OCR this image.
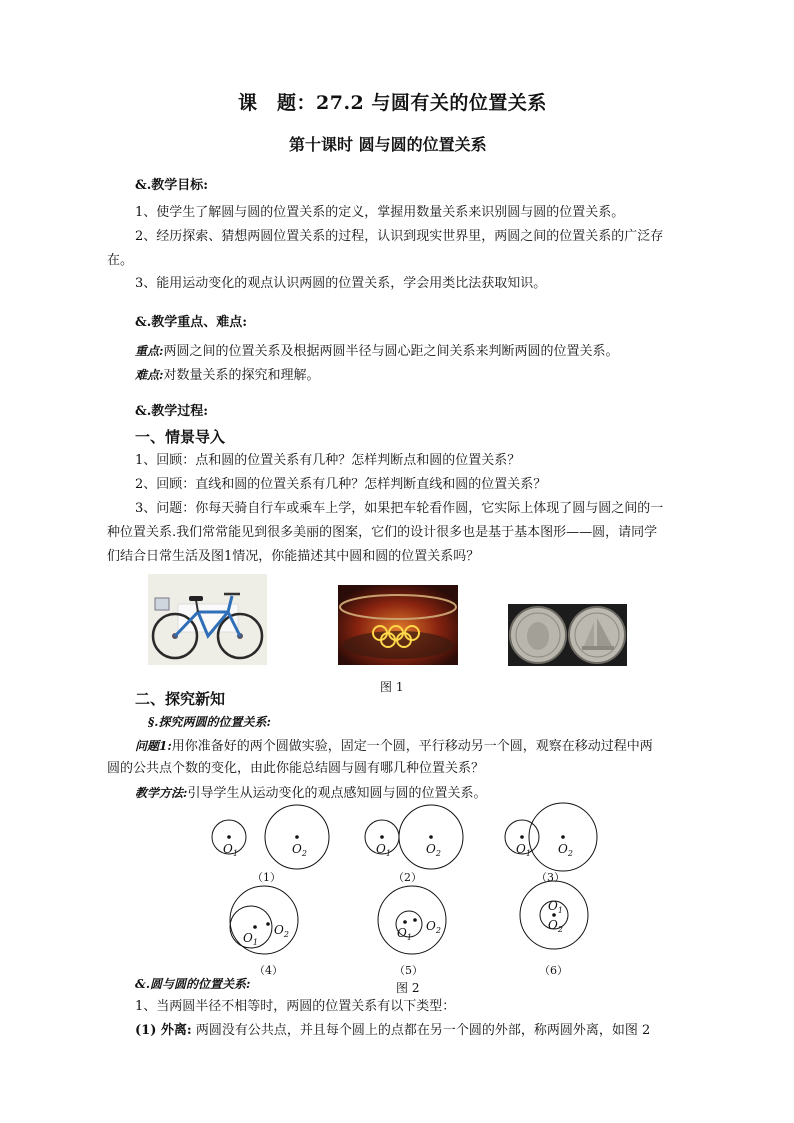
课　题：27.2 与圆有关的位置关系
第十课时 圆与圆的位置关系
&.教学目标:
1、使学生了解圆与圆的位置关系的定义，掌握用数量关系来识别圆与圆的位置关系。
2、经历探索、猜想两圆位置关系的过程，认识到现实世界里，两圆之间的位置关系的广泛存
在。
3、能用运动变化的观点认识两圆的位置关系，学会用类比法获取知识。
&.教学重点、难点:
重点:两圆之间的位置关系及根据两圆半径与圆心距之间关系来判断两圆的位置关系。
难点:对数量关系的探究和理解。
&.教学过程:
一、情景导入
1、回顾：点和圆的位置关系有几种？怎样判断点和圆的位置关系？
2、回顾：直线和圆的位置关系有几种？怎样判断直线和圆的位置关系？
3、问题：你每天骑自行车或乘车上学，如果把车轮看作圆，它实际上体现了圆与圆之间的一
种位置关系.我们常常能见到很多美丽的图案，它们的设计很多也是基于基本图形——圆，请同学
们结合日常生活及图1情况，你能描述其中圆和圆的位置关系吗？
图 1
二、探究新知
§.探究两圆的位置关系:
问题1:用你准备好的两个圆做实验，固定一个圆，平行移动另一个圆，观察在移动过程中两
圆的公共点个数的变化，由此你能总结圆与圆有哪几种位置关系？
教学方法:引导学生从运动变化的观点感知圆与圆的位置关系。
$O_1$	$O_2$	$O_1$	$O_2$	$O_1$ $O_2$
$O_1$
$O_2$	$O_1$
$O_2$
$O_1$
$O_2$
（1）	（2）	（3）
（4）	（5）	（6）
&.圆与圆的位置关系:	图 2
1、当两圆半径不相等时，两圆的位置关系有以下类型：
(1) 外离: 两圆没有公共点，并且每个圆上的点都在另一个圆的外部，称两圆外离，如图 2
